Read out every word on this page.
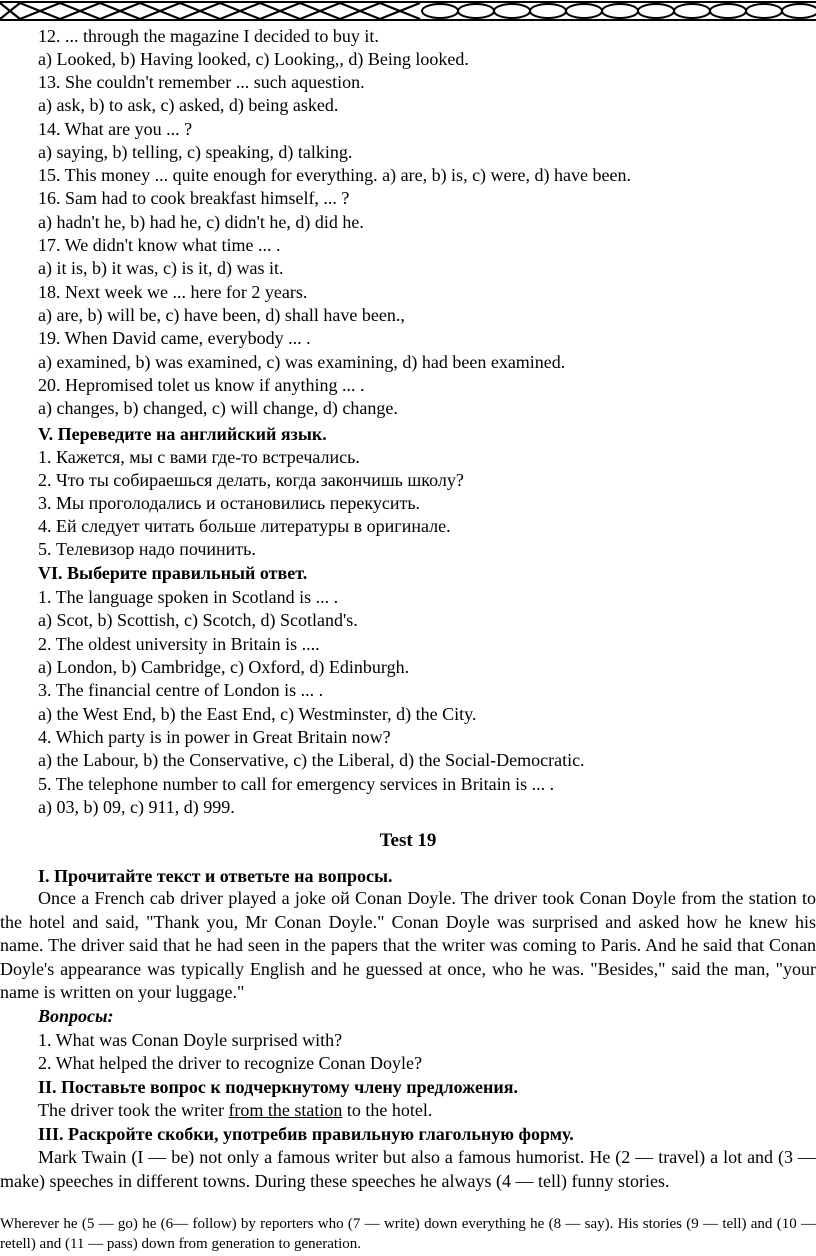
12. ... through the magazine I decided to buy it.
a) Looked, b) Having looked, c) Looking,, d) Being looked.
13. She couldn't remember ... such aquestion.
a) ask, b) to ask, c) asked, d) being asked.
14. What are you ... ?
a) saying, b) telling, c) speaking, d) talking.
15. This money ... quite enough for everything. a) are, b) is, c) were, d) have been.
16. Sam had to cook breakfast himself, ... ?
a) hadn't he, b) had he, c) didn't he, d) did he.
17. We didn't know what time ... .
a) it is, b) it was, c) is it, d) was it.
18. Next week we ... here for 2 years.
a) are, b) will be, c) have been, d) shall have been.,
19. When David came, everybody ... .
a) examined, b) was examined, c) was examining, d) had been examined.
20. Hepromised tolet us know if anything ... .
a) changes, b) changed, c) will change, d) change.
V. Переведите на английский язык.
1. Кажется, мы с вами где-то встречались.
2. Что ты собираешься делать, когда закончишь школу?
3. Мы проголодались и остановились перекусить.
4. Ей следует читать больше литературы в оригинале.
5. Телевизор надо починить.
VI. Выберите правильный ответ.
1. The language spoken in Scotland is ... .
a) Scot, b) Scottish, c) Scotch, d) Scotland's.
2. The oldest university in Britain is ....
a) London, b) Cambridge, c) Oxford, d) Edinburgh.
3. The financial centre of London is ... .
a) the West End, b) the East End, c) Westminster, d) the City.
4. Which party is in power in Great Britain now?
a) the Labour, b) the Conservative, c) the Liberal, d) the Social-Democratic.
5. The telephone number to call for emergency services in Britain is ... .
a) 03, b) 09, c) 911, d) 999.
Test 19
I. Прочитайте текст и ответьте на вопросы.
Once a French cab driver played a joke ой Conan Doyle. The driver took Conan Doyle from the station to the hotel and said, "Thank you, Mr Conan Doyle." Conan Doyle was surprised and asked how he knew his name. The driver said that he had seen in the papers that the writer was coming to Paris. And he said that Conan Doyle's appearance was typically English and he guessed at once, who he was. "Besides," said the man, "your name is written on your luggage."
Вопросы:
1. What was Conan Doyle surprised with?
2. What helped the driver to recognize Conan Doyle?
II. Поставьте вопрос к подчеркнутому члену предложения.
The driver took the writer from the station to the hotel.
III. Раскройте скобки, употребив правильную глагольную форму.
Mark Twain (I — be) not only a famous writer but also a famous humorist. He (2 — travel) a lot and (3 — make) speeches in different towns. During these speeches he always (4 — tell) funny stories.
Wherever he (5 — go) he (6— follow) by reporters who (7 — write) down everything he (8 — say). His stories (9 — tell) and (10 — retell) and (11 — pass) down from generation to generation.
